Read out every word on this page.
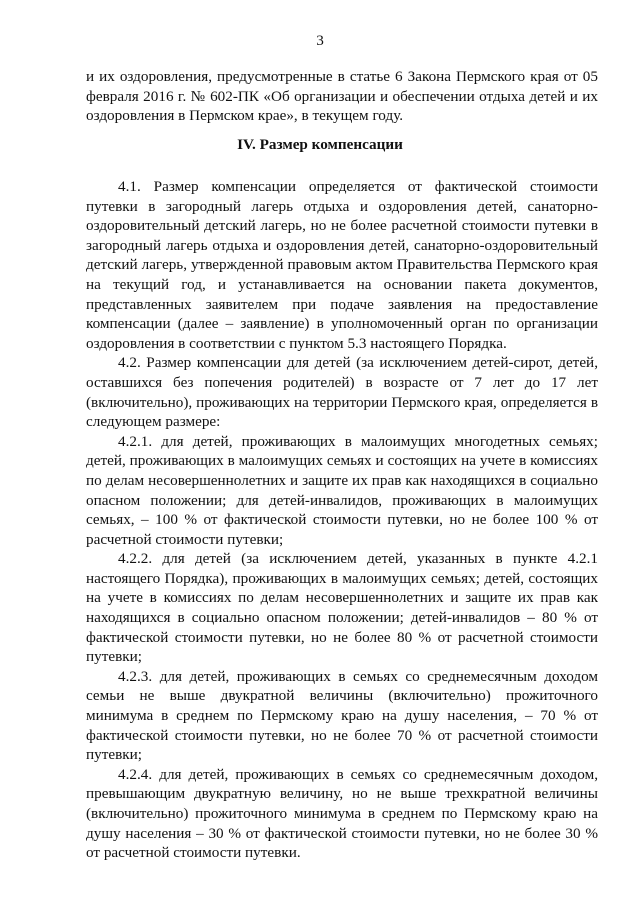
3

и их оздоровления, предусмотренные в статье 6 Закона Пермского края от 05 февраля 2016 г. № 602-ПК «Об организации и обеспечении отдыха детей и их оздоровления в Пермском крае», в текущем году.

IV. Размер компенсации

4.1. Размер компенсации определяется от фактической стоимости путевки в загородный лагерь отдыха и оздоровления детей, санаторно-оздоровительный детский лагерь, но не более расчетной стоимости путевки в загородный лагерь отдыха и оздоровления детей, санаторно-оздоровительный детский лагерь, утвержденной правовым актом Правительства Пермского края на текущий год, и устанавливается на основании пакета документов, представленных заявителем при подаче заявления на предоставление компенсации (далее – заявление) в уполномоченный орган по организации оздоровления в соответствии с пунктом 5.3 настоящего Порядка.

4.2. Размер компенсации для детей (за исключением детей-сирот, детей, оставшихся без попечения родителей) в возрасте от 7 лет до 17 лет (включительно), проживающих на территории Пермского края, определяется в следующем размере:

4.2.1. для детей, проживающих в малоимущих многодетных семьях; детей, проживающих в малоимущих семьях и состоящих на учете в комиссиях по делам несовершеннолетних и защите их прав как находящихся в социально опасном положении; для детей-инвалидов, проживающих в малоимущих семьях, – 100 % от фактической стоимости путевки, но не более 100 % от расчетной стоимости путевки;

4.2.2. для детей (за исключением детей, указанных в пункте 4.2.1 настоящего Порядка), проживающих в малоимущих семьях; детей, состоящих на учете в комиссиях по делам несовершеннолетних и защите их прав как находящихся в социально опасном положении; детей-инвалидов – 80 % от фактической стоимости путевки, но не более 80 % от расчетной стоимости путевки;

4.2.3. для детей, проживающих в семьях со среднемесячным доходом семьи не выше двукратной величины (включительно) прожиточного минимума в среднем по Пермскому краю на душу населения, – 70 % от фактической стоимости путевки, но не более 70 % от расчетной стоимости путевки;

4.2.4. для детей, проживающих в семьях со среднемесячным доходом, превышающим двукратную величину, но не выше трехкратной величины (включительно) прожиточного минимума в среднем по Пермскому краю на душу населения – 30 % от фактической стоимости путевки, но не более 30 % от расчетной стоимости путевки.
